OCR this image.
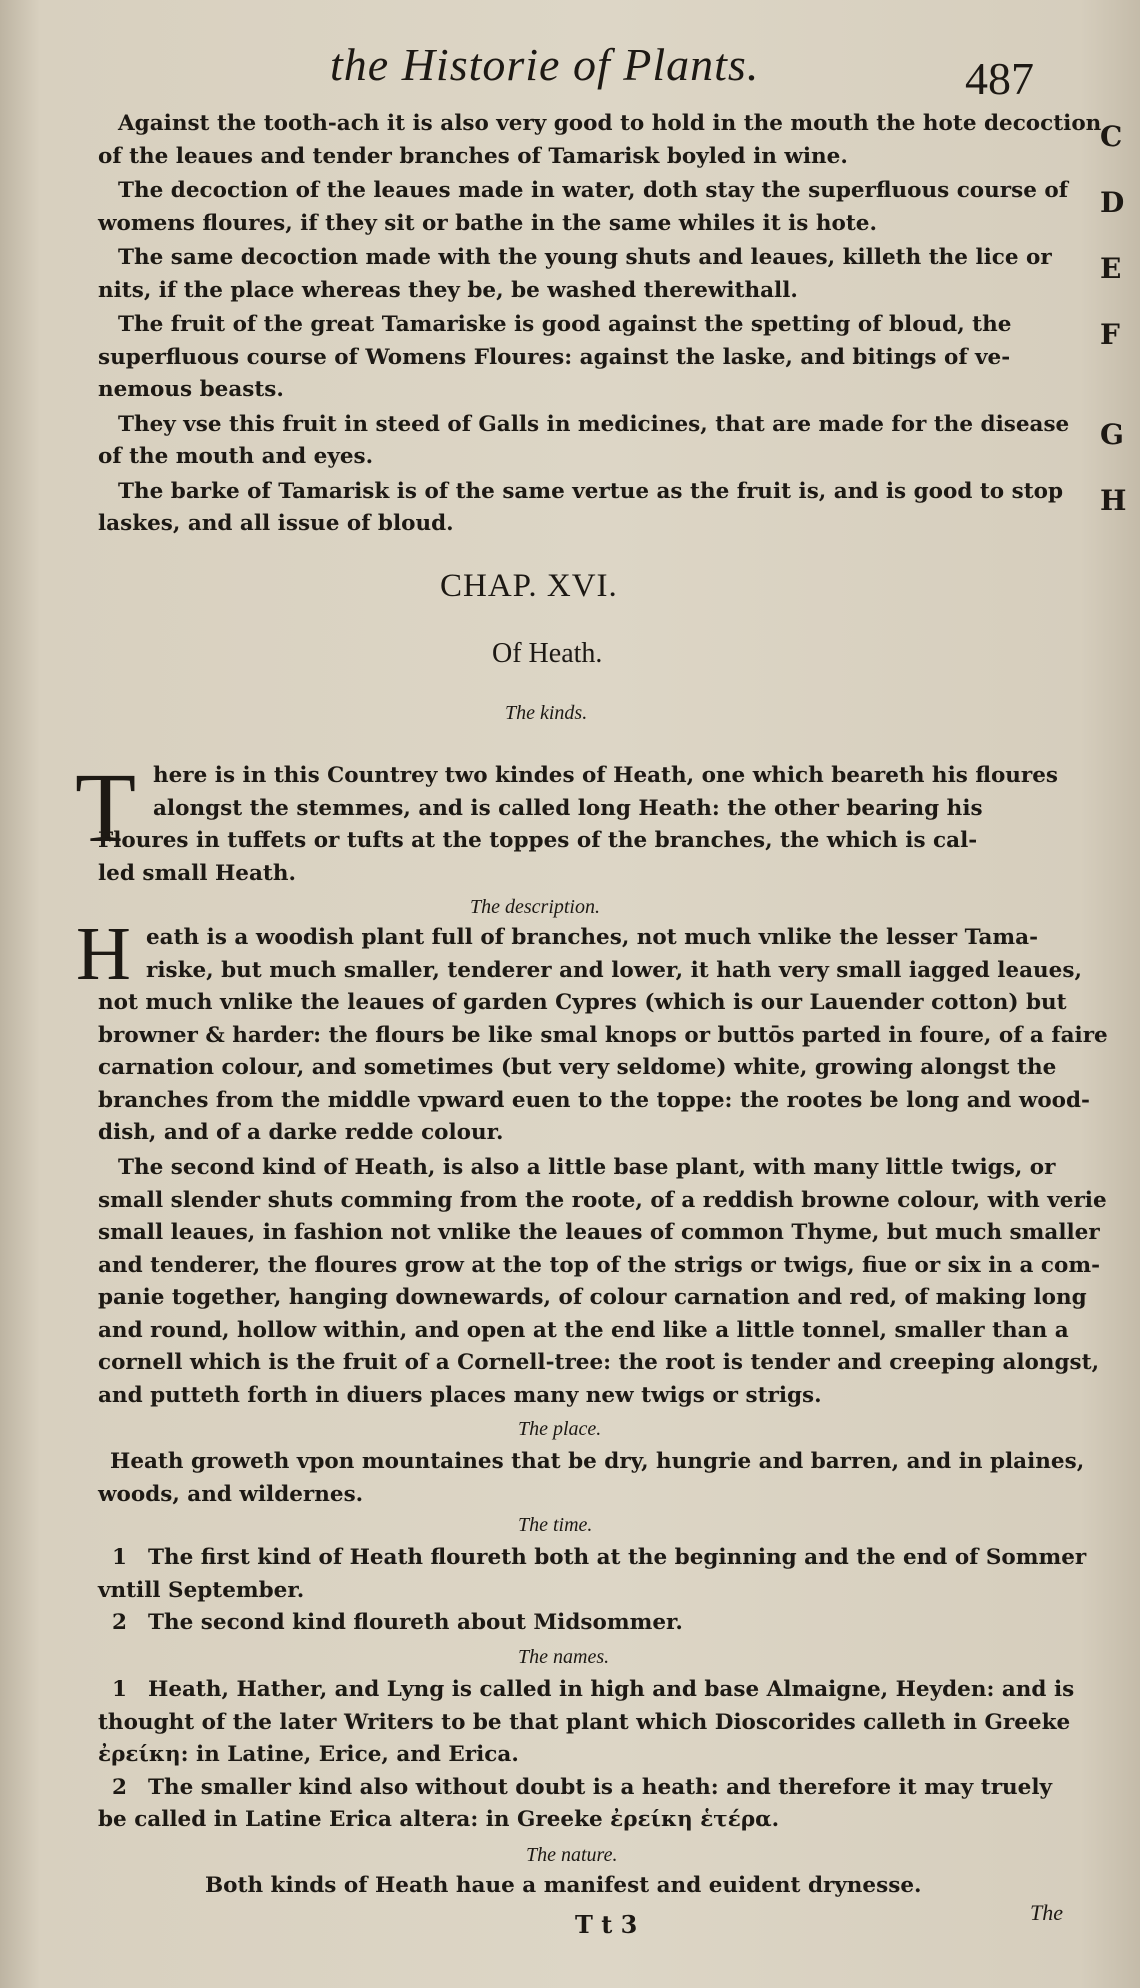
the Historie of Plants.	487
Against the tooth-ach it is also very good to hold in the mouth the hote decoction
of the leaues and tender branches of Tamarisk boyled in wine.
The decoction of the leaues made in water, doth stay the superfluous course of
womens floures, if they sit or bathe in the same whiles it is hote.
The same decoction made with the young shuts and leaues, killeth the lice or
nits, if the place whereas they be, be washed therewithall.
The fruit of the great Tamariske is good against the spetting of bloud, the
superfluous course of Womens Floures: against the laske, and bitings of ve-
nemous beasts.
They vse this fruit in steed of Galls in medicines, that are made for the disease
of the mouth and eyes.
The barke of Tamarisk is of the same vertue as the fruit is, and is good to stop
laskes, and all issue of bloud.
C
D
E
F
G
H
CHAP. XVI.
Of Heath.
The kinds.
T here is in this Countrey two kindes of Heath, one which beareth his floures
alongst the stemmes, and is called long Heath: the other bearing his
Floures in tuffets or tufts at the toppes of the branches, the which is cal-
led small Heath.
The description.
H eath is a woodish plant full of branches, not much vnlike the lesser Tama-
riske, but much smaller, tenderer and lower, it hath very small iagged leaues,
not much vnlike the leaues of garden Cypres (which is our Lauender cotton) but
browner & harder: the flours be like smal knops or buttōs parted in foure, of a faire
carnation colour, and sometimes (but very seldome) white, growing alongst the
branches from the middle vpward euen to the toppe: the rootes be long and wood-
dish, and of a darke redde colour.
The second kind of Heath, is also a little base plant, with many little twigs, or
small slender shuts comming from the roote, of a reddish browne colour, with verie
small leaues, in fashion not vnlike the leaues of common Thyme, but much smaller
and tenderer, the floures grow at the top of the strigs or twigs, fiue or six in a com-
panie together, hanging downewards, of colour carnation and red, of making long
and round, hollow within, and open at the end like a little tonnel, smaller than a
cornell which is the fruit of a Cornell-tree: the root is tender and creeping alongst,
and putteth forth in diuers places many new twigs or strigs.
The place.
Heath groweth vpon mountaines that be dry, hungrie and barren, and in plaines,
woods, and wildernes.
The time.
1 The first kind of Heath floureth both at the beginning and the end of Sommer
vntill September.
2 The second kind floureth about Midsommer.
The names.
1 Heath, Hather, and Lyng is called in high and base Almaigne, Heyden: and is
thought of the later Writers to be that plant which Dioscorides calleth in Greeke
ἐρείκη: in Latine, Erice, and Erica.
2 The smaller kind also without doubt is a heath: and therefore it may truely
be called in Latine Erica altera: in Greeke ἐρείκη ἑτέρα.
The nature.
Both kinds of Heath haue a manifest and euident drynesse.
T t 3	The
